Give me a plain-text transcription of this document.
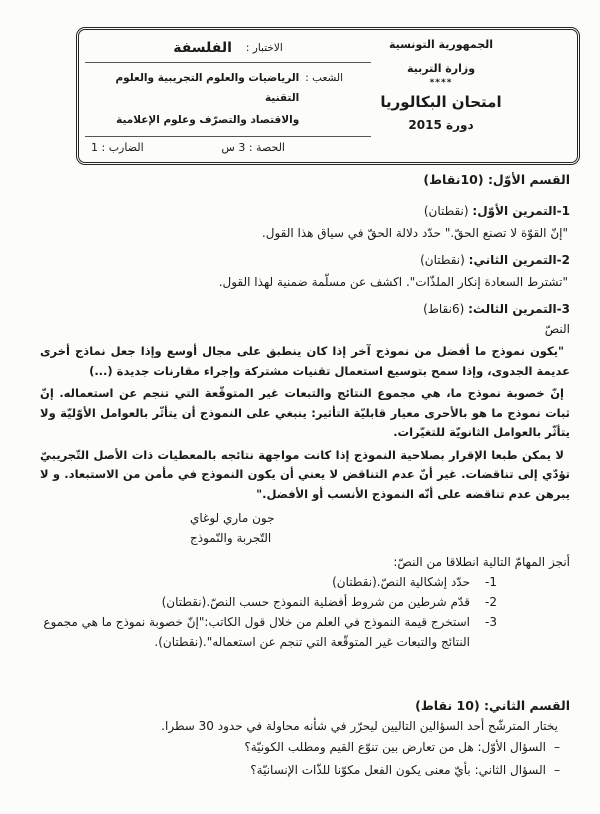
الجمهورية التونسية
وزارة التربية
****
امتحان البكالوريا
دورة 2015
الاختبار :
الفلسفة
الشعب :
الرياضيات والعلوم التجريبية والعلوم التقنية
والاقتصاد والتصرّف وعلوم الإعلامية
الحصة : 3 س
الضارب : 1
القسم الأوّل: (10نقاط)
1-التمرين الأوّل: (نقطتان)
"إنّ القوّة لا تصنع الحقّ." حدّد دلالة الحقّ في سياق هذا القول.
2-التمرين الثاني: (نقطتان)
"تشترط السعادة إنكار الملذّات". اكشف عن مسلّمة ضمنية لهذا القول.
3-التمرين الثالث: (6نقاط)
النصّ

"يكون نموذج ما أفضل من نموذج آخر إذا كان ينطبق على مجال أوسع وإذا جعل نماذج أخرى عديمة الجدوى، وإذا سمح بتوسيع استعمال تقنيات مشتركة وإجراء مقارنات جديدة (...)

إنّ خصوبة نموذج ما، هي مجموع النتائج والتبعات غير المتوقّعة التي تنجم عن استعماله. إنّ ثبات نموذج ما هو بالأحرى معيار قابليّة التأثير: ينبغي على النموذج أن يتأثّر بالعوامل الأوّليّة ولا يتأثّر بالعوامل الثانويّة للتغيّرات.

لا يمكن طبعا الإقرار بصلاحية النموذج إذا كانت مواجهة نتائجه بالمعطيات ذات الأصل التّجريبيّ تؤدّي إلى تناقضات. غير أنّ عدم التناقض لا يعني أن يكون النموذج في مأمن من الاستبعاد. و لا يبرهن عدم تناقضه على أنّه النموذج الأنسب أو الأفضل."

جون ماري لوغاي
التّجربة والنّموذج
أنجز المهامّ التالية انطلاقا من النصّ:
1-
حدّد إشكالية النصّ.(نقطتان)
2-
قدّم شرطين من شروط أفضلية النموذج حسب النصّ.(نقطتان)
3-
استخرج قيمة النموذج في العلم من خلال قول الكاتب:"إنّ خصوبة نموذج ما هي مجموع النتائج والتبعات غير المتوقّعة التي تنجم عن استعماله".(نقطتان).
القسم الثاني: (10 نقاط)
يختار المترشّح أحد السؤالين التاليين ليحرّر في شأنه محاولة في حدود 30 سطرا.
–
السؤال الأوّل: هل من تعارض بين تنوّع القيم ومطلب الكونيّة؟
–
السؤال الثاني: بأيّ معنى يكون الفعل مكوّنا للذّات الإنسانيّة؟
